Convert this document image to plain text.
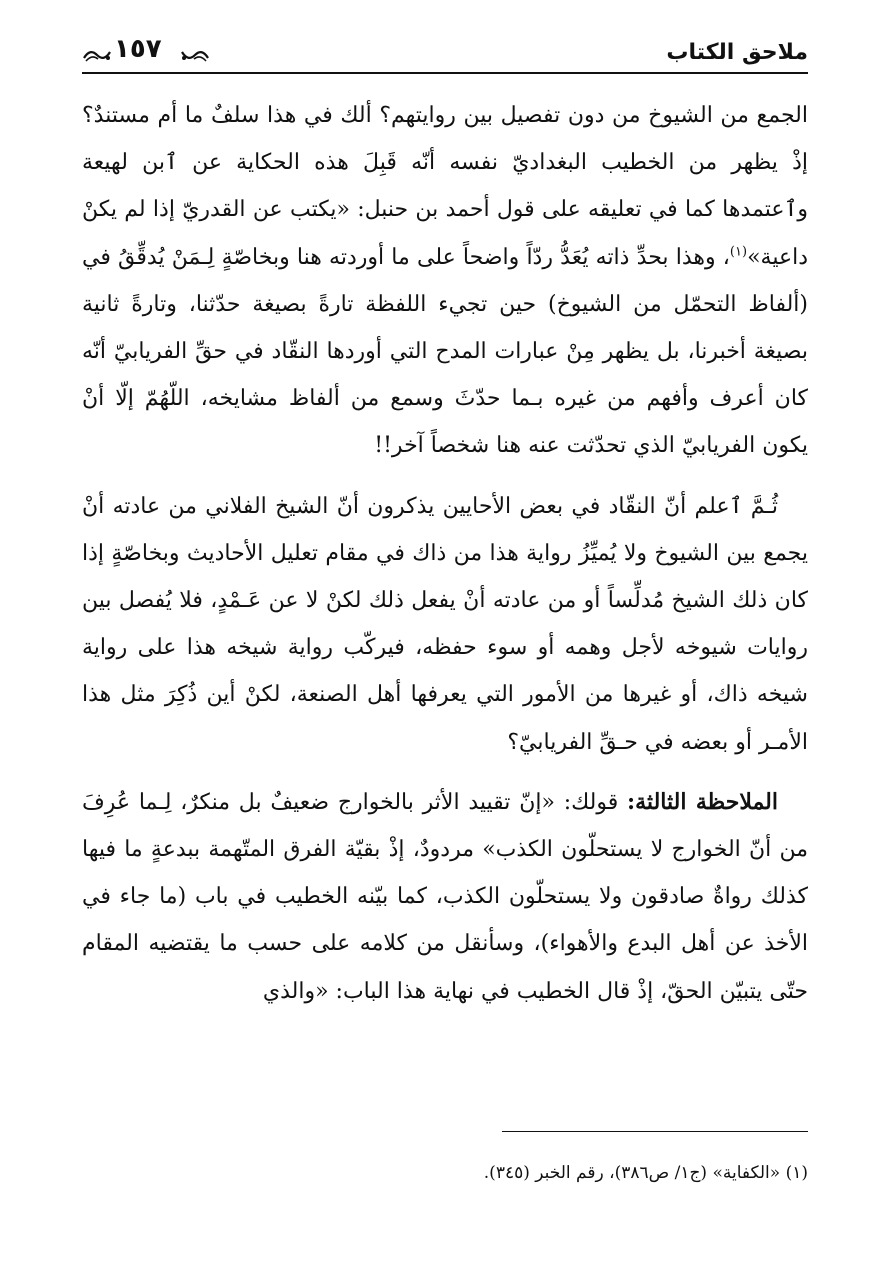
ملاحق الكتاب
١٥٧

الجمع من الشيوخ من دون تفصيل بين روايتهم؟ ألك في هذا سلفٌ ما أم مستندٌ؟ إذْ يظهر من الخطيب البغداديّ نفسه أنّه قَبِلَ هذه الحكاية عن ٱبن لهيعة وٱعتمدها كما في تعليقه على قول أحمد بن حنبل: «يكتب عن القدريّ إذا لم يكنْ داعية»$^{(١)}$، وهذا بحدِّ ذاته يُعَدُّ ردّاً واضحاً على ما أوردته هنا وبخاصّةٍ لِـمَنْ يُدقِّقُ في (ألفاظ التحمّل من الشيوخ) حين تجيء اللفظة تارةً بصيغة حدّثنا، وتارةً ثانية بصيغة أخبرنا، بل يظهر مِنْ عبارات المدح التي أوردها النقّاد في حقِّ الفريابيّ أنّه كان أعرف وأفهم من غيره بـما حدّثَ وسمع من ألفاظ مشايخه، اللّهُمّ إلّا أنْ يكون الفريابيّ الذي تحدّثت عنه هنا شخصاً آخر!!

ثُـمَّ ٱعلم أنّ النقّاد في بعض الأحايين يذكرون أنّ الشيخ الفلاني من عادته أنْ يجمع بين الشيوخ ولا يُميِّزُ رواية هذا من ذاك في مقام تعليل الأحاديث وبخاصّةٍ إذا كان ذلك الشيخ مُدلِّساً أو من عادته أنْ يفعل ذلك لكنْ لا عن عَـمْدٍ، فلا يُفصل بين روايات شيوخه لأجل وهمه أو سوء حفظه، فيركّب رواية شيخه هذا على رواية شيخه ذاك، أو غيرها من الأمور التي يعرفها أهل الصنعة، لكنْ أين ذُكِرَ مثل هذا الأمـر أو بعضه في حـقِّ الفريابيّ؟

الملاحظة الثالثة: قولك: «إنّ تقييد الأثر بالخوارج ضعيفٌ بل منكرٌ، لِـما عُرِفَ من أنّ الخوارج لا يستحلّون الكذب» مردودٌ، إذْ بقيّة الفرق المتّهمة ببدعةٍ ما فيها كذلك رواةٌ صادقون ولا يستحلّون الكذب، كما بيّنه الخطيب في باب (ما جاء في الأخذ عن أهل البدع والأهواء)، وسأنقل من كلامه على حسب ما يقتضيه المقام حتّى يتبيّن الحقّ، إذْ قال الخطيب في نهاية هذا الباب: «والذي

(١) «الكفاية» (ج١/ ص٣٨٦)، رقم الخبر (٣٤٥).
